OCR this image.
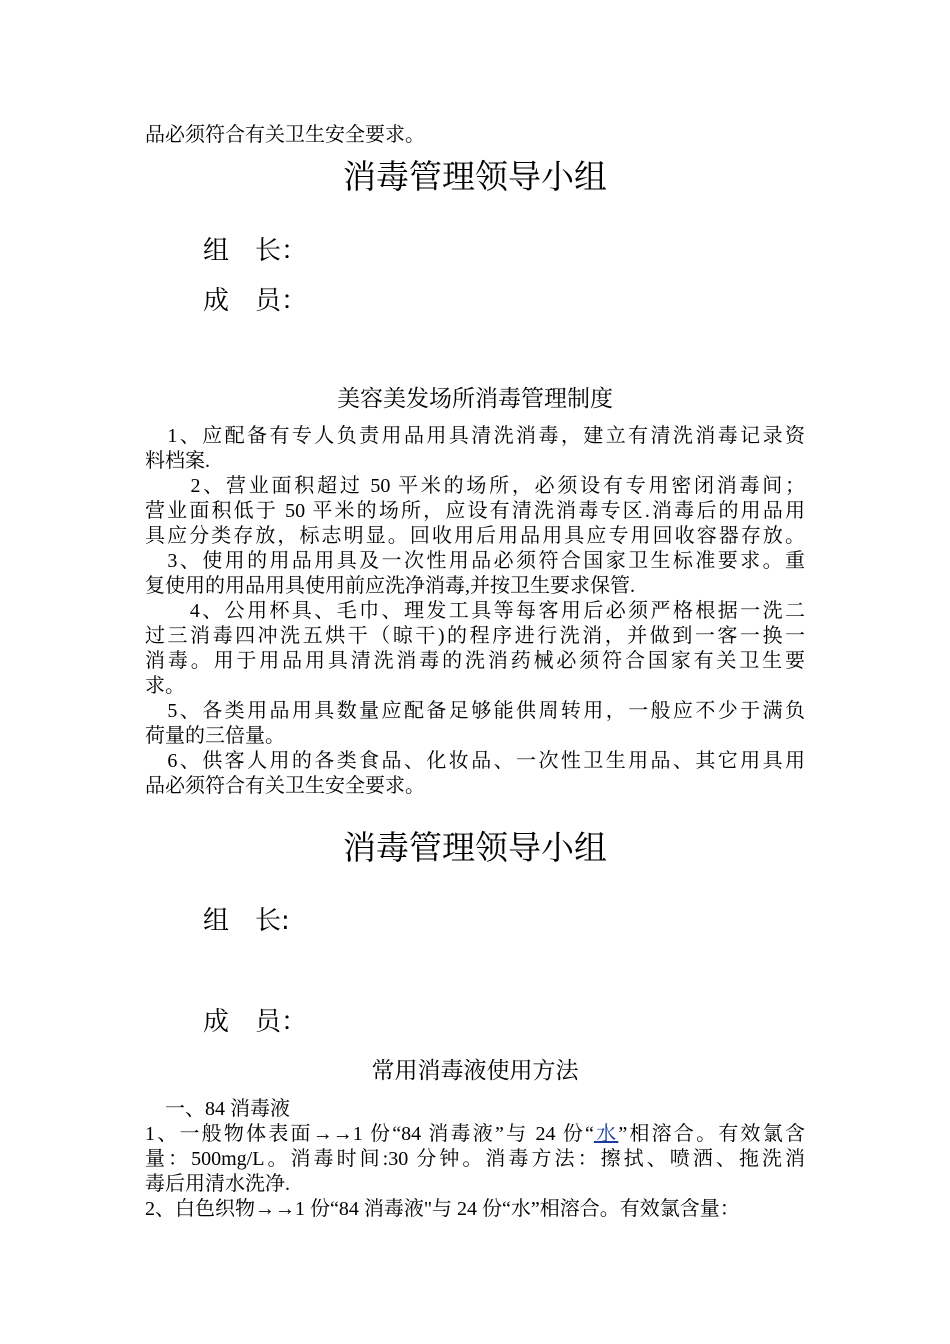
品必须符合有关卫生安全要求。
消毒管理领导小组
组　长：
成　员：
美容美发场所消毒管理制度
　1、应配备有专人负责用品用具清洗消毒，建立有清洗消毒记录资
料档案.
　　2、营业面积超过 50 平米的场所，必须设有专用密闭消毒间；
营业面积低于 50 平米的场所，应设有清洗消毒专区.消毒后的用品用
具应分类存放，标志明显。回收用后用品用具应专用回收容器存放。
　3、使用的用品用具及一次性用品必须符合国家卫生标准要求。重
复使用的用品用具使用前应洗净消毒,并按卫生要求保管.
　　4、公用杯具、毛巾、理发工具等每客用后必须严格根据一洗二
过三消毒四冲洗五烘干（晾干)的程序进行洗消，并做到一客一换一
消毒。用于用品用具清洗消毒的洗消药械必须符合国家有关卫生要
求。
　5、各类用品用具数量应配备足够能供周转用，一般应不少于满负
荷量的三倍量。
　6、供客人用的各类食品、化妆品、一次性卫生用品、其它用具用
品必须符合有关卫生安全要求。
消毒管理领导小组
组　长:
成　员：
常用消毒液使用方法
　一、84 消毒液
1、一般物体表面→→1 份“84 消毒液”与 24 份“水”相溶合。有效氯含
量：500mg/L。消毒时间:30 分钟。消毒方法：擦拭、喷洒、拖洗消
毒后用清水洗净.
2、白色织物→→1 份“84 消毒液"与 24 份“水”相溶合。有效氯含量：
